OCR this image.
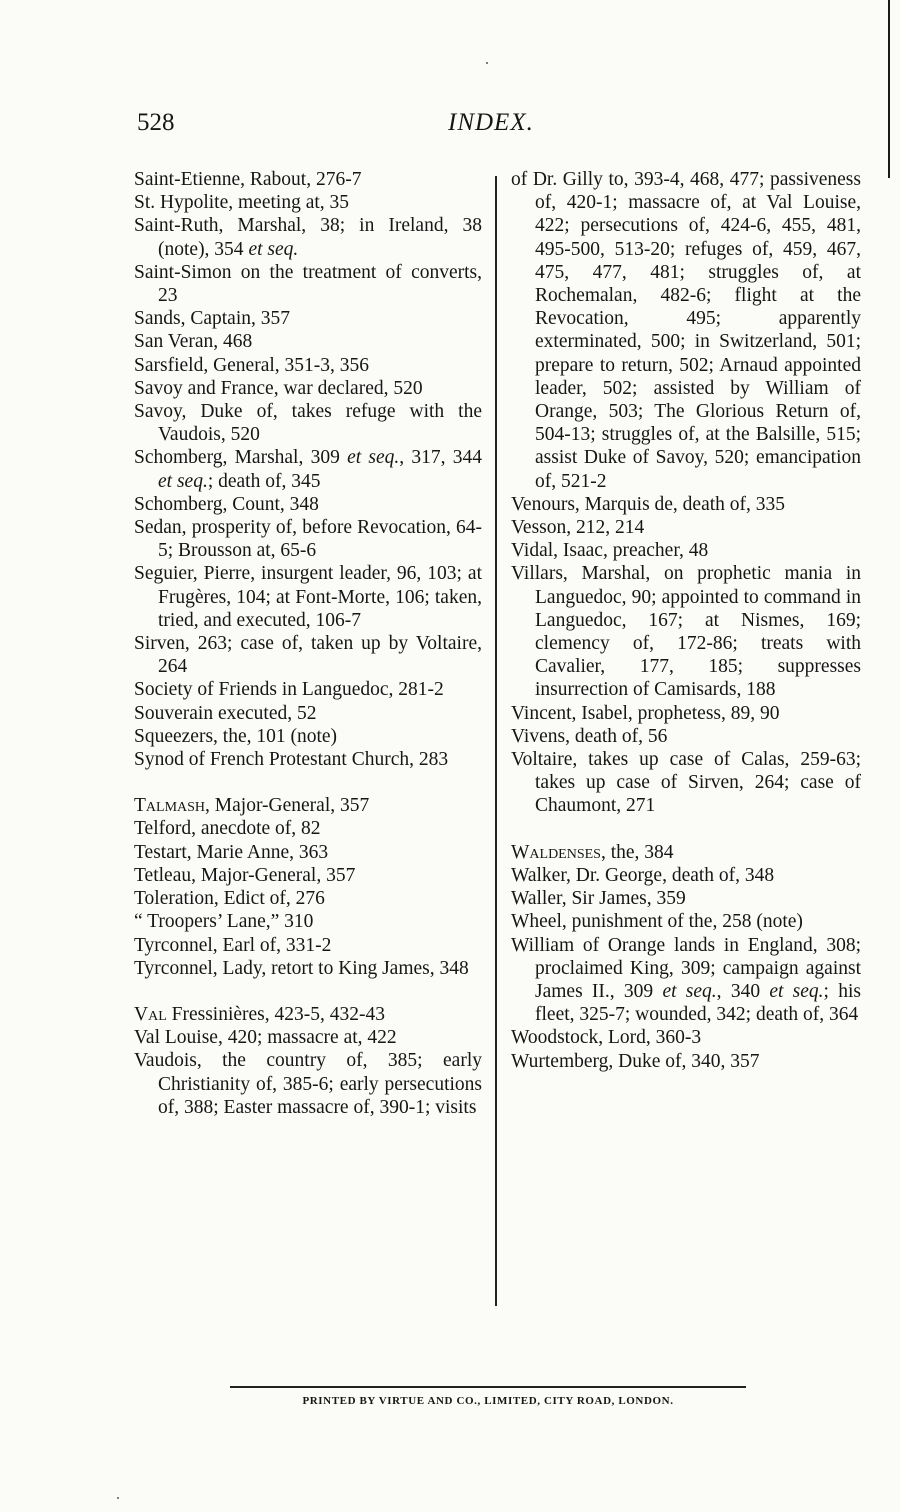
528	INDEX.
Saint-Etienne, Rabout, 276-7
St. Hypolite, meeting at, 35
Saint-Ruth, Marshal, 38; in Ireland, 38 (note), 354 et seq.
Saint-Simon on the treatment of converts, 23
Sands, Captain, 357
San Veran, 468
Sarsfield, General, 351-3, 356
Savoy and France, war declared, 520
Savoy, Duke of, takes refuge with the Vaudois, 520
Schomberg, Marshal, 309 et seq., 317, 344 et seq.; death of, 345
Schomberg, Count, 348
Sedan, prosperity of, before Revocation, 64-5; Brousson at, 65-6
Seguier, Pierre, insurgent leader, 96, 103; at Frugères, 104; at Font-Morte, 106; taken, tried, and executed, 106-7
Sirven, 263; case of, taken up by Voltaire, 264
Society of Friends in Languedoc, 281-2
Souverain executed, 52
Squeezers, the, 101 (note)
Synod of French Protestant Church, 283
Talmash, Major-General, 357
Telford, anecdote of, 82
Testart, Marie Anne, 363
Tetleau, Major-General, 357
Toleration, Edict of, 276
“ Troopers’ Lane,” 310
Tyrconnel, Earl of, 331-2
Tyrconnel, Lady, retort to King James, 348
Val Fressinières, 423-5, 432-43
Val Louise, 420; massacre at, 422
Vaudois, the country of, 385; early Christianity of, 385-6; early persecutions of, 388; Easter massacre of, 390-1; visits
of Dr. Gilly to, 393-4, 468, 477; passiveness of, 420-1; massacre of, at Val Louise, 422; persecutions of, 424-6, 455, 481, 495-500, 513-20; refuges of, 459, 467, 475, 477, 481; struggles of, at Rochemalan, 482-6; flight at the Revocation, 495; apparently exterminated, 500; in Switzerland, 501; prepare to return, 502; Arnaud appointed leader, 502; assisted by William of Orange, 503; The Glorious Return of, 504-13; struggles of, at the Balsille, 515; assist Duke of Savoy, 520; emancipation of, 521-2
Venours, Marquis de, death of, 335
Vesson, 212, 214
Vidal, Isaac, preacher, 48
Villars, Marshal, on prophetic mania in Languedoc, 90; appointed to command in Languedoc, 167; at Nismes, 169; clemency of, 172-86; treats with Cavalier, 177, 185; suppresses insurrection of Camisards, 188
Vincent, Isabel, prophetess, 89, 90
Vivens, death of, 56
Voltaire, takes up case of Calas, 259-63; takes up case of Sirven, 264; case of Chaumont, 271
Waldenses, the, 384
Walker, Dr. George, death of, 348
Waller, Sir James, 359
Wheel, punishment of the, 258 (note)
William of Orange lands in England, 308; proclaimed King, 309; campaign against James II., 309 et seq., 340 et seq.; his fleet, 325-7; wounded, 342; death of, 364
Woodstock, Lord, 360-3
Wurtemberg, Duke of, 340, 357
PRINTED BY VIRTUE AND CO., LIMITED, CITY ROAD, LONDON.
